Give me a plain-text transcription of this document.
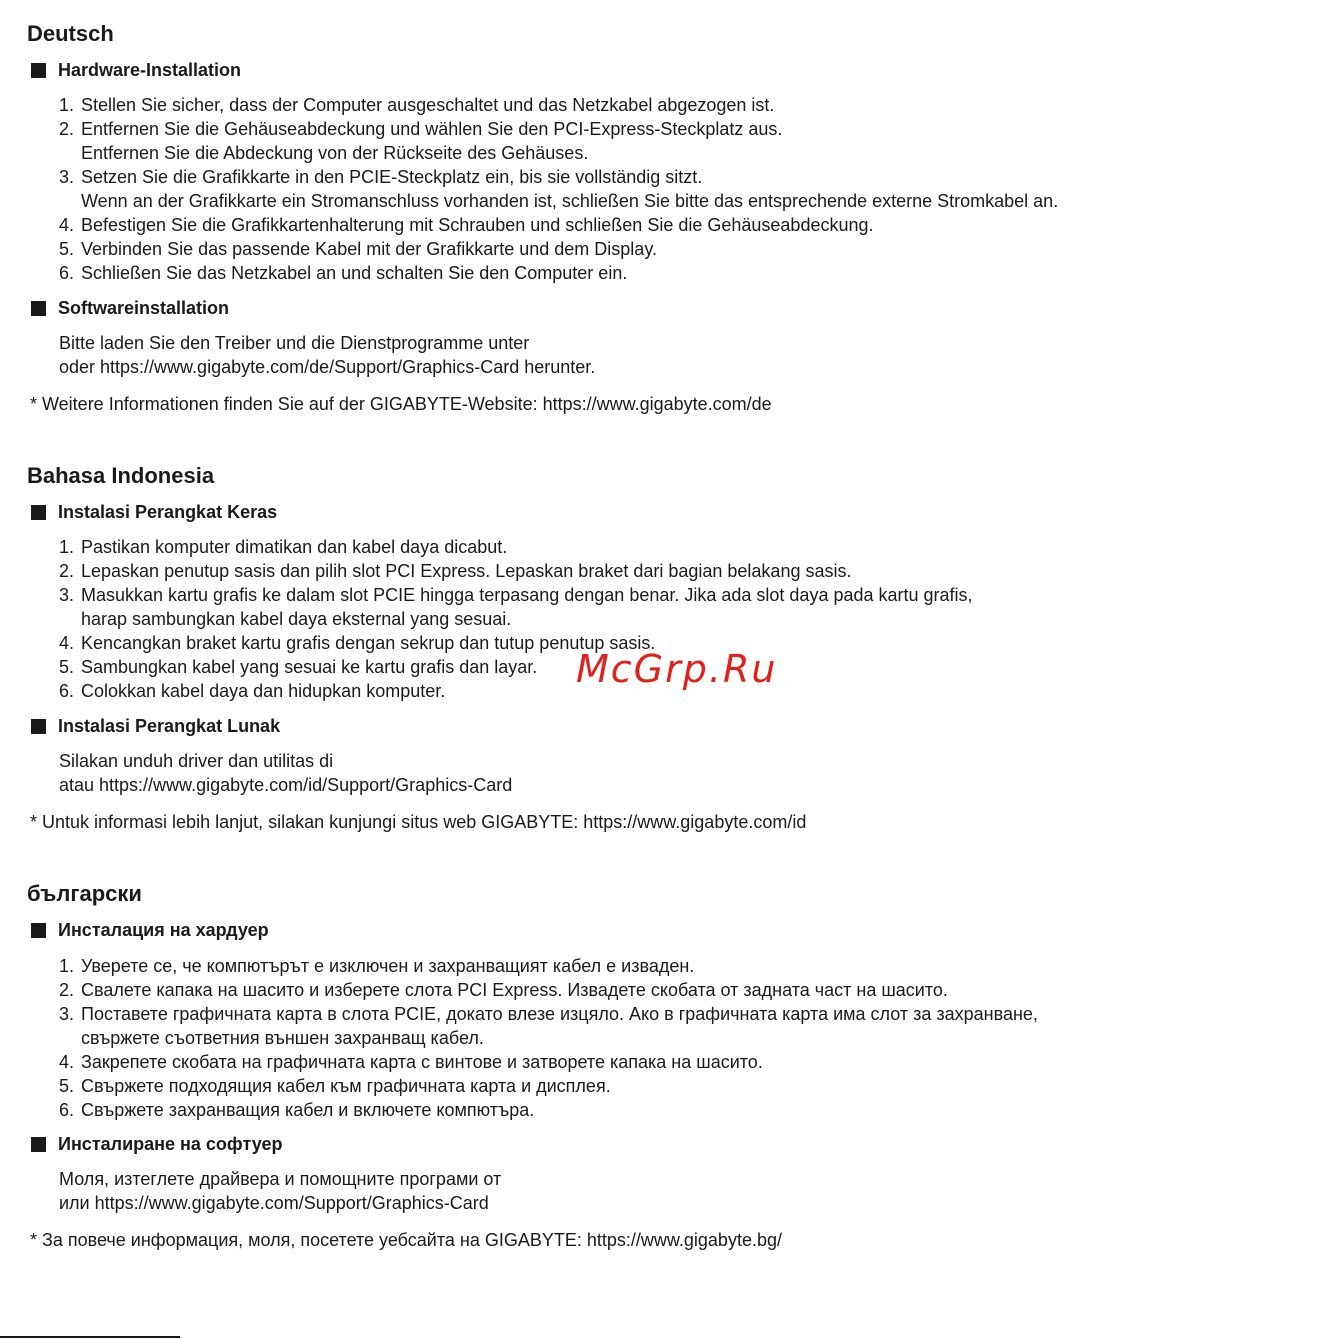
Deutsch
Hardware-Installation
1. Stellen Sie sicher, dass der Computer ausgeschaltet und das Netzkabel abgezogen ist.
2. Entfernen Sie die Gehäuseabdeckung und wählen Sie den PCI-Express-Steckplatz aus.
Entfernen Sie die Abdeckung von der Rückseite des Gehäuses.
3. Setzen Sie die Grafikkarte in den PCIE-Steckplatz ein, bis sie vollständig sitzt.
Wenn an der Grafikkarte ein Stromanschluss vorhanden ist, schließen Sie bitte das entsprechende externe Stromkabel an.
4. Befestigen Sie die Grafikkartenhalterung mit Schrauben und schließen Sie die Gehäuseabdeckung.
5. Verbinden Sie das passende Kabel mit der Grafikkarte und dem Display.
6. Schließen Sie das Netzkabel an und schalten Sie den Computer ein.
Softwareinstallation
Bitte laden Sie den Treiber und die Dienstprogramme unter
oder https://www.gigabyte.com/de/Support/Graphics-Card herunter.

* Weitere Informationen finden Sie auf der GIGABYTE-Website: https://www.gigabyte.com/de

Bahasa Indonesia
Instalasi Perangkat Keras
1. Pastikan komputer dimatikan dan kabel daya dicabut.
2. Lepaskan penutup sasis dan pilih slot PCI Express. Lepaskan braket dari bagian belakang sasis.
3. Masukkan kartu grafis ke dalam slot PCIE hingga terpasang dengan benar. Jika ada slot daya pada kartu grafis,
harap sambungkan kabel daya eksternal yang sesuai.
4. Kencangkan braket kartu grafis dengan sekrup dan tutup penutup sasis.
5. Sambungkan kabel yang sesuai ke kartu grafis dan layar.
6. Colokkan kabel daya dan hidupkan komputer.
Instalasi Perangkat Lunak
Silakan unduh driver dan utilitas di
atau https://www.gigabyte.com/id/Support/Graphics-Card

* Untuk informasi lebih lanjut, silakan kunjungi situs web GIGABYTE: https://www.gigabyte.com/id

български
Инсталация на хардуер
1. Уверете се, че компютърът е изключен и захранващият кабел е изваден.
2. Свалете капака на шасито и изберете слота PCI Express. Извадете скобата от задната част на шасито.
3. Поставете графичната карта в слота PCIE, докато влезе изцяло. Ако в графичната карта има слот за захранване,
свържете съответния външен захранващ кабел.
4. Закрепете скобата на графичната карта с винтове и затворете капака на шасито.
5. Свържете подходящия кабел към графичната карта и дисплея.
6. Свържете захранващия кабел и включете компютъра.
Инсталиране на софтуер
Моля, изтеглете драйвера и помощните програми от
или https://www.gigabyte.com/Support/Graphics-Card

* За повече информация, моля, посетете уебсайта на GIGABYTE: https://www.gigabyte.bg/

McGrp.Ru
